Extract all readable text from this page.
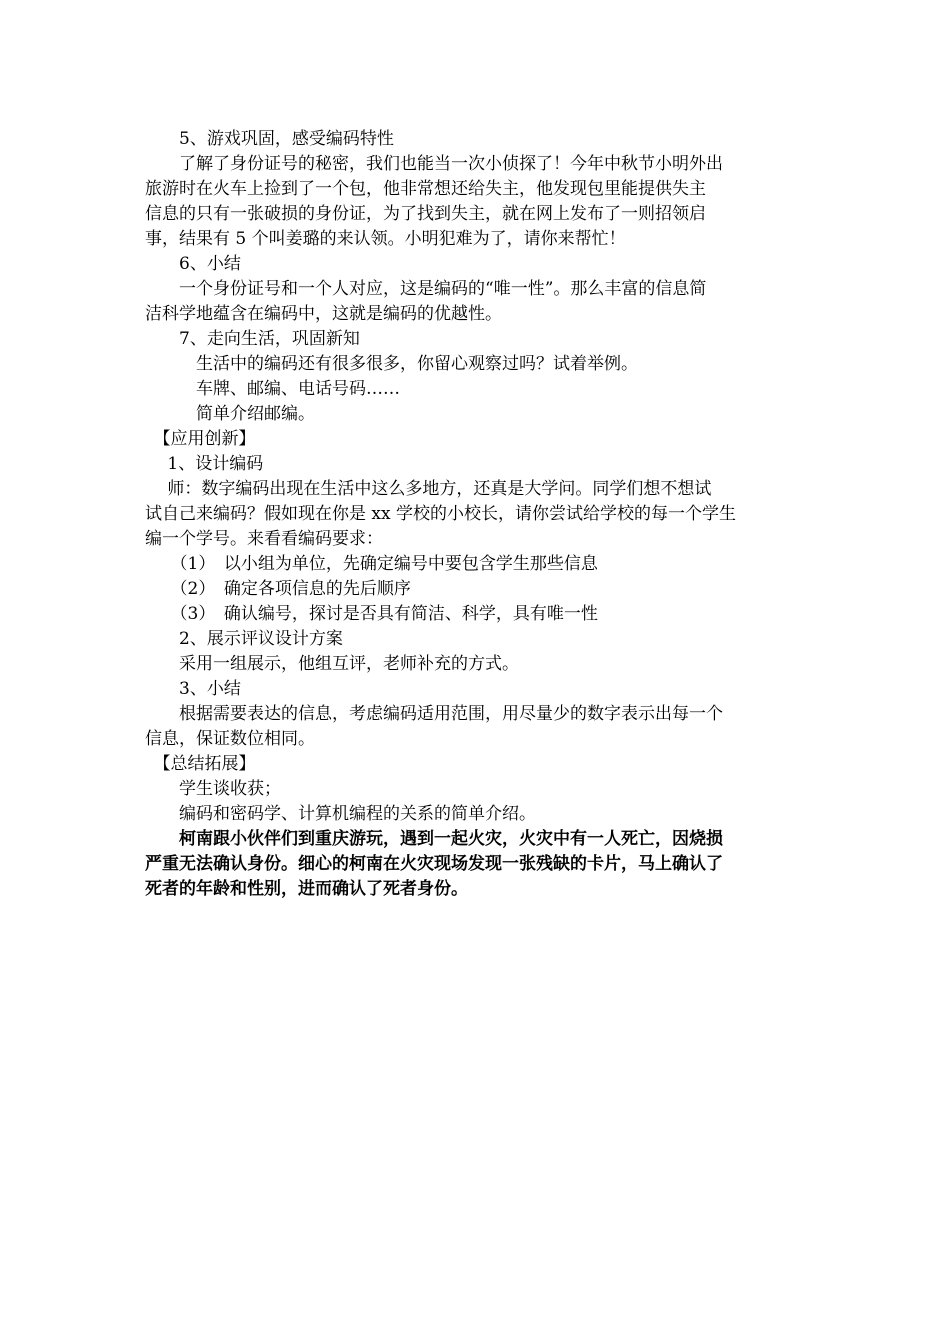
　　5、游戏巩固，感受编码特性
　　了解了身份证号的秘密，我们也能当一次小侦探了！今年中秋节小明外出
旅游时在火车上捡到了一个包，他非常想还给失主，他发现包里能提供失主
信息的只有一张破损的身份证，为了找到失主，就在网上发布了一则招领启
事，结果有 5 个叫姜璐的来认领。小明犯难为了，请你来帮忙！
　　6、小结
　　一个身份证号和一个人对应，这是编码的“唯一性”。那么丰富的信息简
洁科学地蕴含在编码中，这就是编码的优越性。
　　7、走向生活，巩固新知
　　　生活中的编码还有很多很多，你留心观察过吗？试着举例。
　　　车牌、邮编、电话号码……
　　　简单介绍邮编。
　【应用创新】
　 1、设计编码
　 师：数字编码出现在生活中这么多地方，还真是大学问。同学们想不想试
试自己来编码？假如现在你是 xx 学校的小校长，请你尝试给学校的每一个学生
编一个学号。来看看编码要求：
　　（1）　以小组为单位，先确定编号中要包含学生那些信息
　　（2）　确定各项信息的先后顺序
　　（3）　确认编号，探讨是否具有简洁、科学，具有唯一性
　　2、展示评议设计方案
　　采用一组展示，他组互评，老师补充的方式。
　　3、小结
　　根据需要表达的信息，考虑编码适用范围，用尽量少的数字表示出每一个
信息，保证数位相同。
　【总结拓展】
　　学生谈收获；
　　编码和密码学、计算机编程的关系的简单介绍。
　　柯南跟小伙伴们到重庆游玩，遇到一起火灾，火灾中有一人死亡，因烧损
严重无法确认身份。细心的柯南在火灾现场发现一张残缺的卡片，马上确认了
死者的年龄和性别，进而确认了死者身份。
